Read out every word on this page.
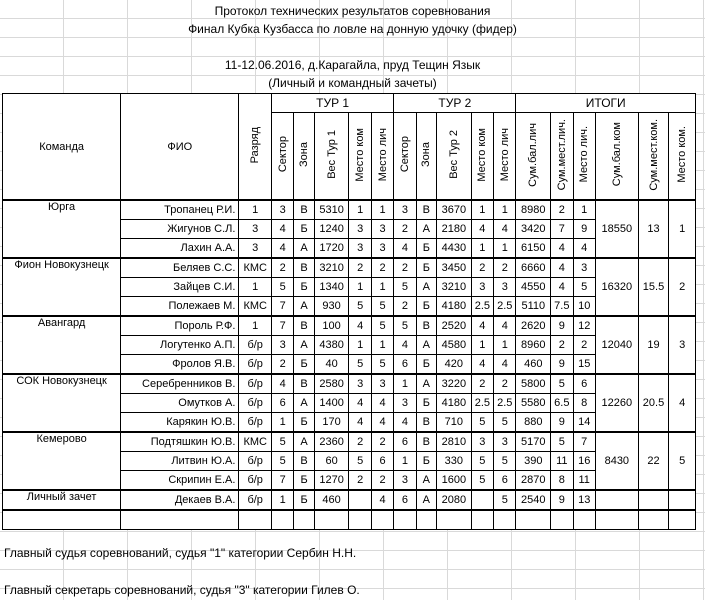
Протокол технических результатов соревнования
Финал Кубка Кузбасса по ловле на донную удочку (фидер)
11-12.06.2016, д.Карагайла, пруд Тещин Язык
(Личный и командный зачеты)
Команда	ФИО	Разряд	ТУР 1					ТУР 2					ИТОГИ					
			Сектор	Зона	Вес Тур 1	Место ком	Место лич	Сектор	Зона	Вес Тур 2	Место ком	Место лич	Сум.бал.лич	Сум.мест.лич.	Место лич.	Сум.бал.ком	Сум.мест.ком.	Место ком.
Юрга	Тропанец Р.И.	1	3	В	5310	1	1	3	В	3670	1	1	8980	2	1	18550	13	1
	Жигунов С.Л.	3	4	Б	1240	3	3	2	А	2180	4	4	3420	7	9			
	Лахин А.А.	3	4	А	1720	3	3	4	Б	4430	1	1	6150	4	4			
Фион Новокузнецк	Беляев С.С.	КМС	2	В	3210	2	2	2	Б	3450	2	2	6660	4	3	16320	15.5	2
	Зайцев С.И.	1	5	Б	1340	1	1	5	А	3210	3	3	4550	4	5			
	Полежаев М.	КМС	7	А	930	5	5	2	Б	4180	2.5	2.5	5110	7.5	10			
Авангард	Пороль Р.Ф.	1	7	В	100	4	5	5	В	2520	4	4	2620	9	12	12040	19	3
	Логутенко А.П.	б/р	3	А	4380	1	1	4	А	4580	1	1	8960	2	2			
	Фролов Я.В.	б/р	2	Б	40	5	5	6	Б	420	4	4	460	9	15			
СОК Новокузнецк	Серебренников В.	б/р	4	В	2580	3	3	1	А	3220	2	2	5800	5	6	12260	20.5	4
	Омутков А.	б/р	6	А	1400	4	4	3	Б	4180	2.5	2.5	5580	6.5	8			
	Карякин Ю.В.	б/р	1	Б	170	4	4	4	В	710	5	5	880	9	14			
Кемерово	Подтяшкин Ю.В.	КМС	5	А	2360	2	2	6	В	2810	3	3	5170	5	7	8430	22	5
	Литвин Ю.А.	б/р	5	В	60	5	6	1	Б	330	5	5	390	11	16			
	Скрипин Е.А.	б/р	7	Б	1270	2	2	3	А	1600	5	6	2870	8	11			
Личный зачет	Декаев В.А.	б/р	1	Б	460		4	6	А	2080		5	2540	9	13			

Главный судья соревнований, судья "1" категории Сербин Н.Н.
Главный секретарь соревнований, судья "3" категории Гилев О.
